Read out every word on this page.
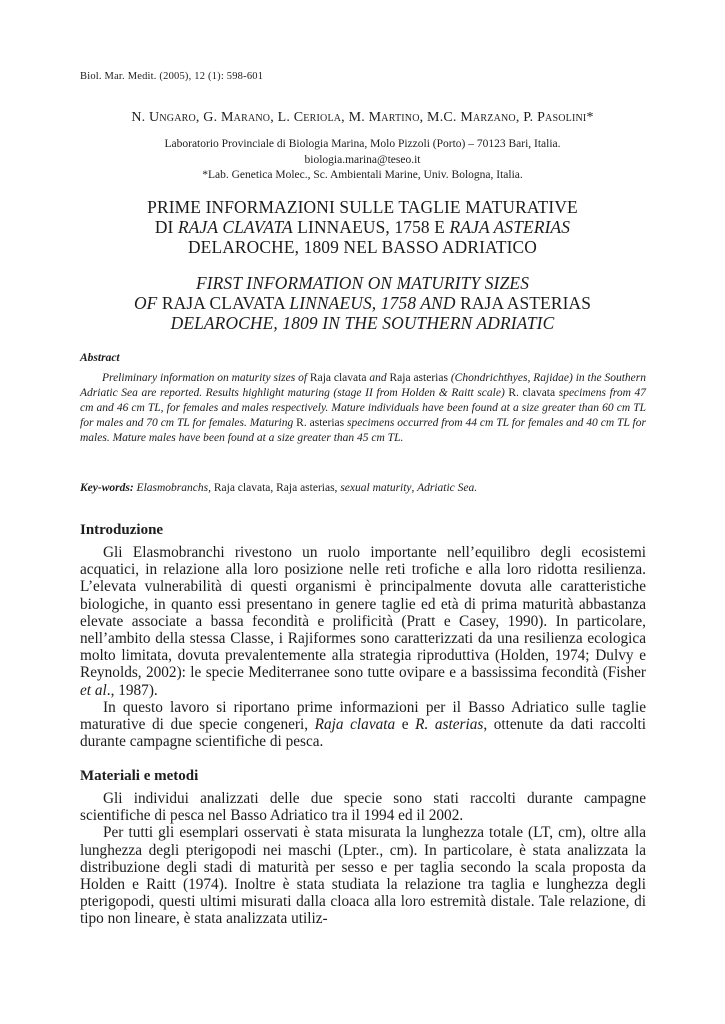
Biol. Mar. Medit. (2005), 12 (1): 598-601
N. Ungaro, G. Marano, L. Ceriola, M. Martino, M.C. Marzano, P. Pasolini*
Laboratorio Provinciale di Biologia Marina, Molo Pizzoli (Porto) – 70123 Bari, Italia.
biologia.marina@teseo.it
*Lab. Genetica Molec., Sc. Ambientali Marine, Univ. Bologna, Italia.
PRIME INFORMAZIONI SULLE TAGLIE MATURATIVE
DI RAJA CLAVATA LINNAEUS, 1758 E RAJA ASTERIAS
DELAROCHE, 1809 NEL BASSO ADRIATICO
FIRST INFORMATION ON MATURITY SIZES
OF RAJA CLAVATA LINNAEUS, 1758 AND RAJA ASTERIAS
DELAROCHE, 1809 IN THE SOUTHERN ADRIATIC
Abstract
Preliminary information on maturity sizes of Raja clavata and Raja asterias (Chondrichthyes, Rajidae) in the Southern Adriatic Sea are reported. Results highlight maturing (stage II from Holden & Raitt scale) R. clavata specimens from 47 cm and 46 cm TL, for females and males respectively. Mature individuals have been found at a size greater than 60 cm TL for males and 70 cm TL for females. Maturing R. asterias specimens occurred from 44 cm TL for females and 40 cm TL for males. Mature males have been found at a size greater than 45 cm TL.
Key-words: Elasmobranchs, Raja clavata, Raja asterias, sexual maturity, Adriatic Sea.
Introduzione

Gli Elasmobranchi rivestono un ruolo importante nell’equilibro degli ecosistemi acquatici, in relazione alla loro posizione nelle reti trofiche e alla loro ridotta resilienza. L’elevata vulnerabilità di questi organismi è principalmente dovuta alle caratteristiche biologiche, in quanto essi presentano in genere taglie ed età di prima maturità abbastanza elevate associate a bassa fecondità e prolificità (Pratt e Casey, 1990). In particolare, nell’ambito della stessa Classe, i Rajiformes sono caratterizzati da una resilienza ecologica molto limitata, dovuta prevalentemente alla strategia riproduttiva (Holden, 1974; Dulvy e Reynolds, 2002): le specie Mediterranee sono tutte ovipare e a bassissima fecondità (Fisher et al., 1987).

In questo lavoro si riportano prime informazioni per il Basso Adriatico sulle taglie maturative di due specie congeneri, Raja clavata e R. asterias, ottenute da dati raccolti durante campagne scientifiche di pesca.

Materiali e metodi

Gli individui analizzati delle due specie sono stati raccolti durante campagne scientifiche di pesca nel Basso Adriatico tra il 1994 ed il 2002.

Per tutti gli esemplari osservati è stata misurata la lunghezza totale (LT, cm), oltre alla lunghezza degli pterigopodi nei maschi (Lpter., cm). In particolare, è stata analizzata la distribuzione degli stadi di maturità per sesso e per taglia secondo la scala proposta da Holden e Raitt (1974). Inoltre è stata studiata la relazione tra taglia e lunghezza degli pterigopodi, questi ultimi misurati dalla cloaca alla loro estremità distale. Tale relazione, di tipo non lineare, è stata analizzata utiliz-
